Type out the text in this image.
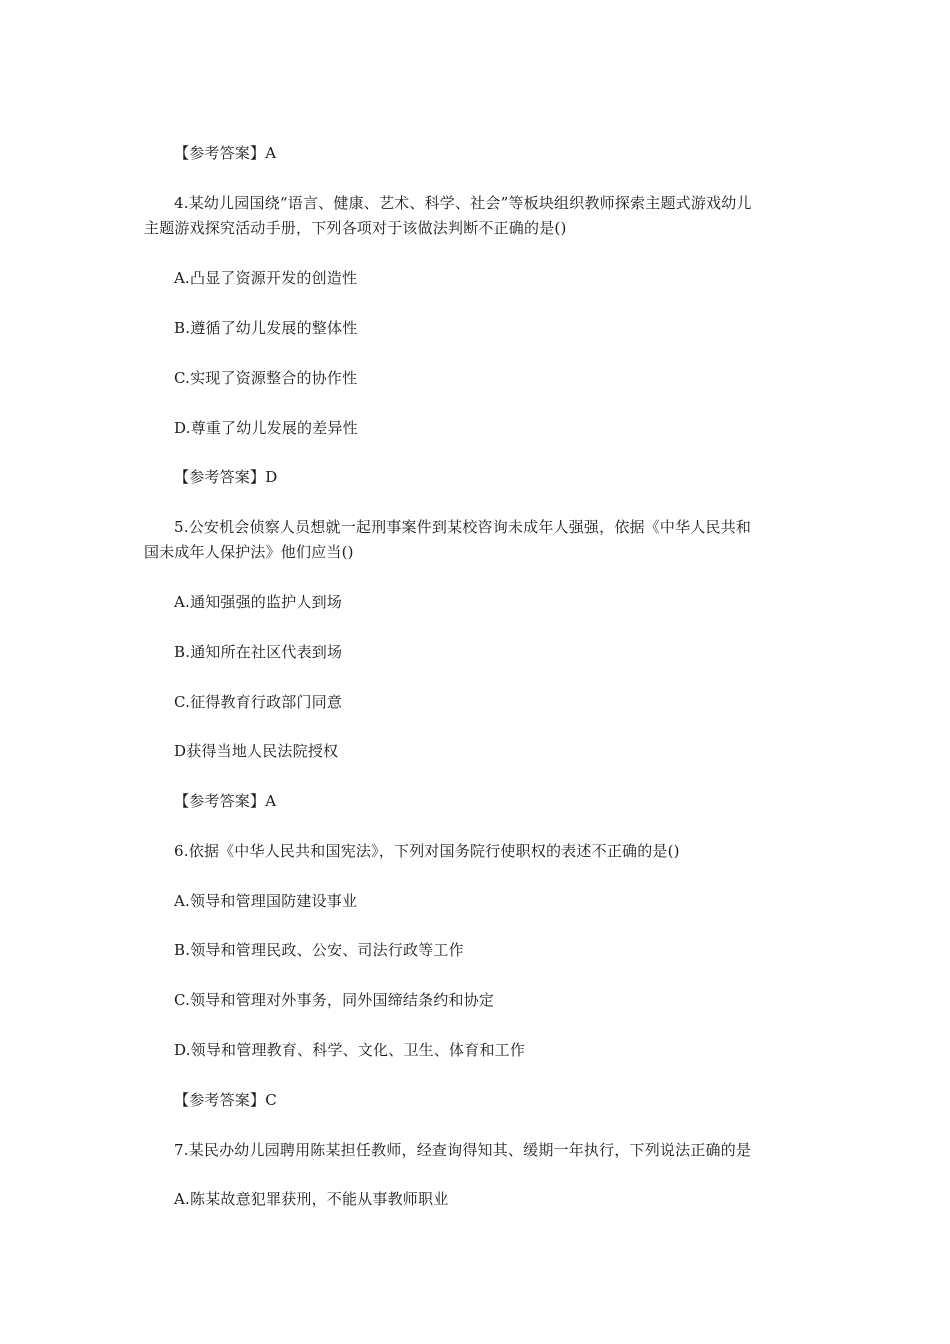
【参考答案】A
4.某幼儿园国绕“语言、健康、艺术、科学、社会”等板块组织教师探索主题式游戏幼儿
主题游戏探究活动手册，下列各项对于该做法判断不正确的是()
A.凸显了资源开发的创造性
B.遵循了幼儿发展的整体性
C.实现了资源整合的协作性
D.尊重了幼儿发展的差异性
【参考答案】D
5.公安机会侦察人员想就一起刑事案件到某校咨询未成年人强强，依据《中华人民共和
国未成年人保护法》他们应当()
A.通知强强的监护人到场
B.通知所在社区代表到场
C.征得教育行政部门同意
D获得当地人民法院授权
【参考答案】A
6.依据《中华人民共和国宪法》，下列对国务院行使职权的表述不正确的是()
A.领导和管理国防建设事业
B.领导和管理民政、公安、司法行政等工作
C.领导和管理对外事务，同外国缔结条约和协定
D.领导和管理教育、科学、文化、卫生、体育和工作
【参考答案】C
7.某民办幼儿园聘用陈某担任教师，经查询得知其、缓期一年执行，下列说法正确的是
A.陈某故意犯罪获刑，不能从事教师职业
